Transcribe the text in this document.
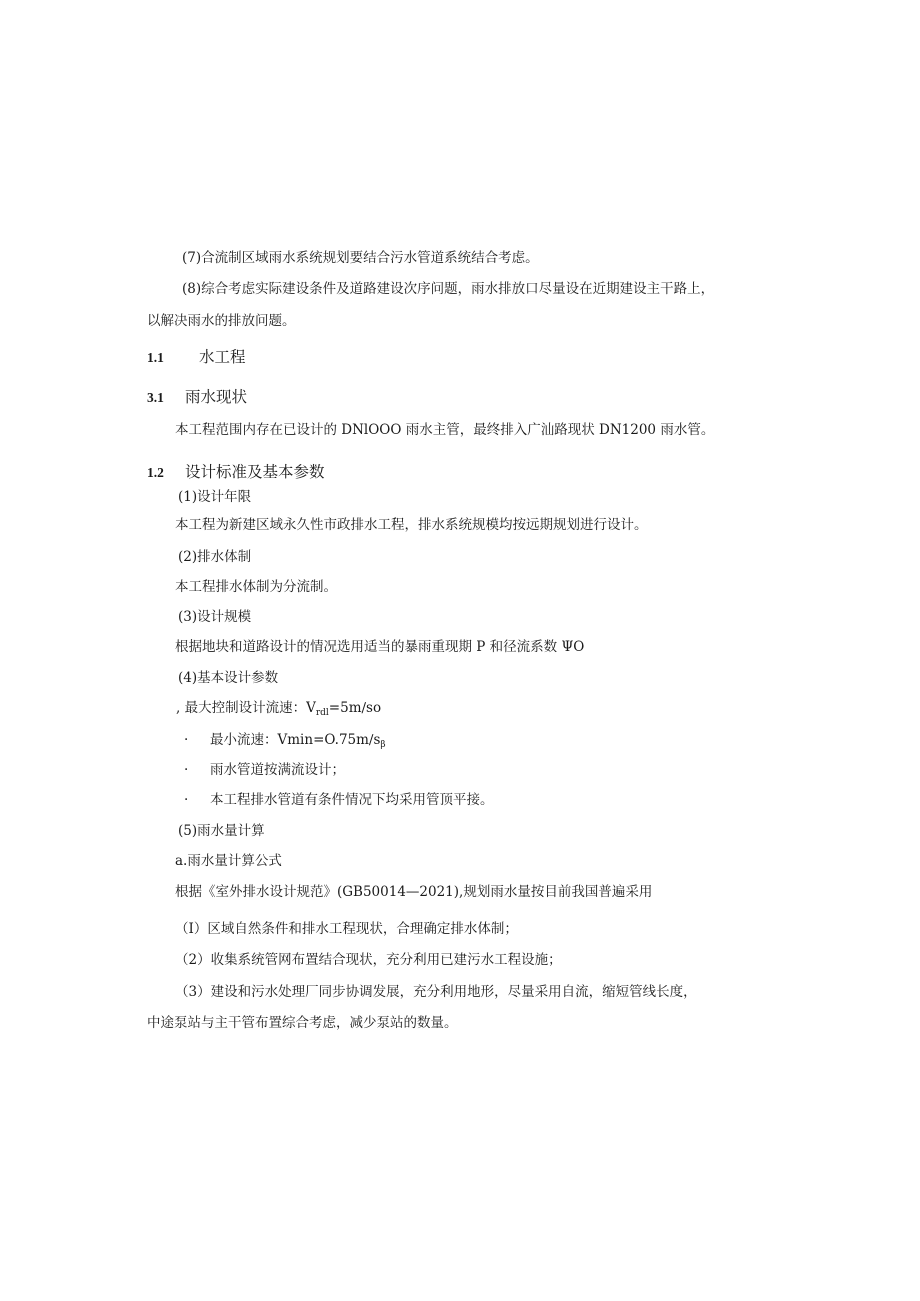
(7)合流制区域雨水系统规划要结合污水管道系统结合考虑。
(8)综合考虑实际建设条件及道路建设次序问题，雨水排放口尽量设在近期建设主干路上，
以解决雨水的排放问题。
1.1 水工程
3.1 雨水现状
本工程范围内存在已设计的 DNlOOO 雨水主管，最终排入广汕路现状 DN1200 雨水管。
1.2 设计标准及基本参数
(1)设计年限
本工程为新建区域永久性市政排水工程，排水系统规模均按远期规划进行设计。
(2)排水体制
本工程排水体制为分流制。
(3)设计规模
根据地块和道路设计的情况选用适当的暴雨重现期 P 和径流系数 ΨO
(4)基本设计参数
, 最大控制设计流速：$V_{rdl}=5m∕so$
· 最小流速：$Vmin=O.75m∕s_\beta$
· 雨水管道按满流设计；
· 本工程排水管道有条件情况下均采用管顶平接。
(5)雨水量计算
a.雨水量计算公式
根据《室外排水设计规范》(GB50014—2021),规划雨水量按目前我国普遍采用
（I）区域自然条件和排水工程现状，合理确定排水体制；
（2）收集系统管网布置结合现状，充分利用已建污水工程设施；
（3）建设和污水处理厂同步协调发展，充分利用地形，尽量采用自流，缩短管线长度，
中途泵站与主干管布置综合考虑，减少泵站的数量。
